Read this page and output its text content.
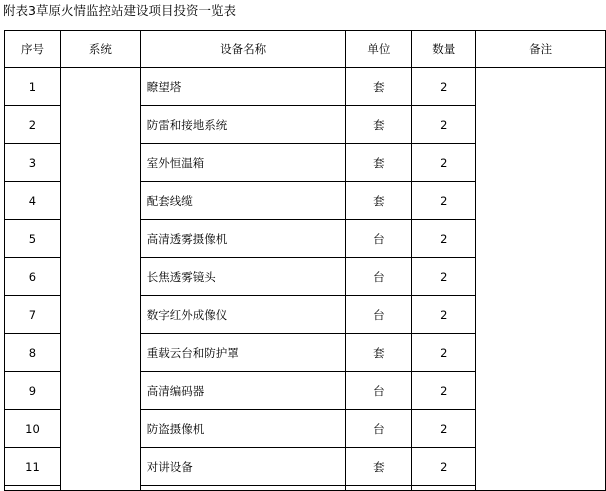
附表3草原火情监控站建设项目投资一览表
序号	系统	设备名称	单位	数量	备注
1		瞭望塔	套	2	
2		防雷和接地系统	套	2	
3		室外恒温箱	套	2	
4		配套线缆	套	2	
5		高清透雾摄像机	台	2	
6		长焦透雾镜头	台	2	
7		数字红外成像仪	台	2	
8		重载云台和防护罩	套	2	
9		高清编码器	台	2	
10		防盗摄像机	台	2	
11		对讲设备	套	2	
